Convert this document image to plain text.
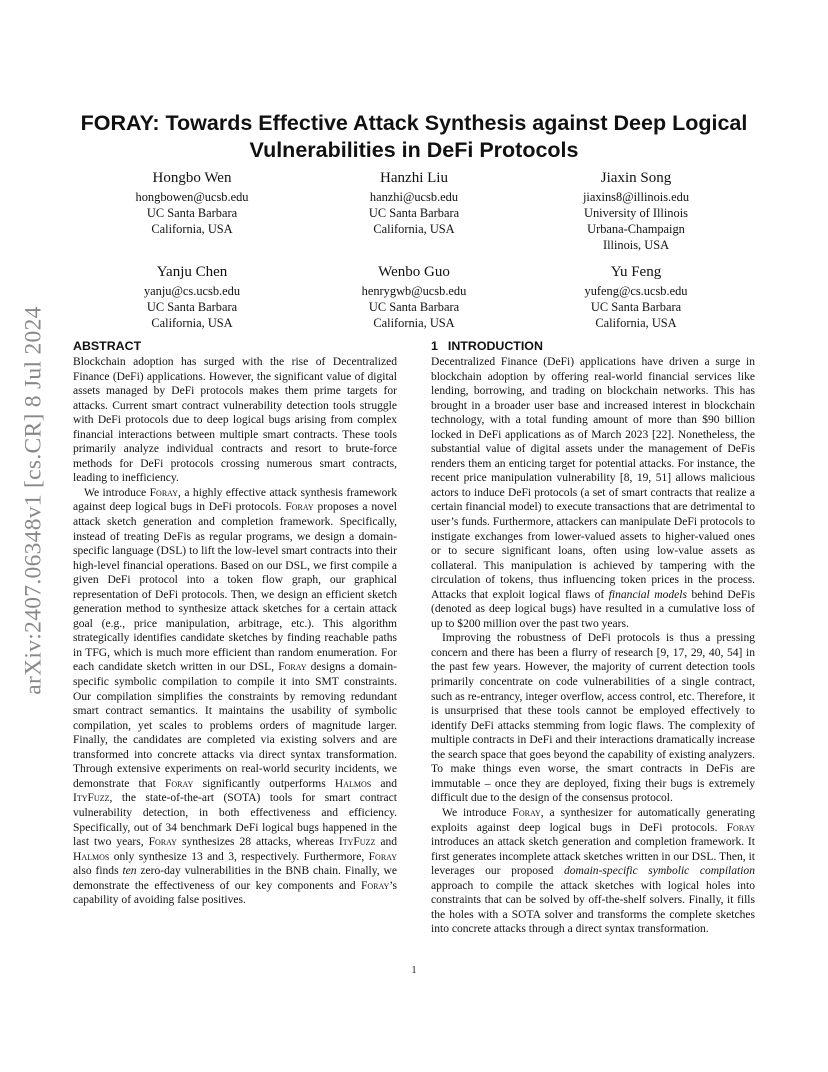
arXiv:2407.06348v1 [cs.CR] 8 Jul 2024
FORAY: Towards Effective Attack Synthesis against Deep Logical Vulnerabilities in DeFi Protocols
Hongbo Wen
hongbowen@ucsb.edu
UC Santa Barbara
California, USA
Hanzhi Liu
hanzhi@ucsb.edu
UC Santa Barbara
California, USA
Jiaxin Song
jiaxins8@illinois.edu
University of Illinois
Urbana-Champaign
Illinois, USA
Yanju Chen
yanju@cs.ucsb.edu
UC Santa Barbara
California, USA
Wenbo Guo
henrygwb@ucsb.edu
UC Santa Barbara
California, USA
Yu Feng
yufeng@cs.ucsb.edu
UC Santa Barbara
California, USA
ABSTRACT

Blockchain adoption has surged with the rise of Decentralized Finance (DeFi) applications. However, the significant value of digital assets managed by DeFi protocols makes them prime targets for attacks. Current smart contract vulnerability detection tools struggle with DeFi protocols due to deep logical bugs arising from complex financial interactions between multiple smart contracts. These tools primarily analyze individual contracts and resort to brute-force methods for DeFi protocols crossing numerous smart contracts, leading to inefficiency.

We introduce Foray, a highly effective attack synthesis framework against deep logical bugs in DeFi protocols. Foray proposes a novel attack sketch generation and completion framework. Specifically, instead of treating DeFis as regular programs, we design a domain-specific language (DSL) to lift the low-level smart contracts into their high-level financial operations. Based on our DSL, we first compile a given DeFi protocol into a token flow graph, our graphical representation of DeFi protocols. Then, we design an efficient sketch generation method to synthesize attack sketches for a certain attack goal (e.g., price manipulation, arbitrage, etc.). This algorithm strategically identifies candidate sketches by finding reachable paths in TFG, which is much more efficient than random enumeration. For each candidate sketch written in our DSL, Foray designs a domain-specific symbolic compilation to compile it into SMT constraints. Our compilation simplifies the constraints by removing redundant smart contract semantics. It maintains the usability of symbolic compilation, yet scales to problems orders of magnitude larger. Finally, the candidates are completed via existing solvers and are transformed into concrete attacks via direct syntax transformation. Through extensive experiments on real-world security incidents, we demonstrate that Foray significantly outperforms Halmos and ItyFuzz, the state-of-the-art (SOTA) tools for smart contract vulnerability detection, in both effectiveness and efficiency. Specifically, out of 34 benchmark DeFi logical bugs happened in the last two years, Foray synthesizes 28 attacks, whereas ItyFuzz and Halmos only synthesize 13 and 3, respectively. Furthermore, Foray also finds ten zero-day vulnerabilities in the BNB chain. Finally, we demonstrate the effectiveness of our key components and Foray’s capability of avoiding false positives.

1 INTRODUCTION

Decentralized Finance (DeFi) applications have driven a surge in blockchain adoption by offering real-world financial services like lending, borrowing, and trading on blockchain networks. This has brought in a broader user base and increased interest in blockchain technology, with a total funding amount of more than $90 billion locked in DeFi applications as of March 2023 [22]. Nonetheless, the substantial value of digital assets under the management of DeFis renders them an enticing target for potential attacks. For instance, the recent price manipulation vulnerability [8, 19, 51] allows malicious actors to induce DeFi protocols (a set of smart contracts that realize a certain financial model) to execute transactions that are detrimental to user’s funds. Furthermore, attackers can manipulate DeFi protocols to instigate exchanges from lower-valued assets to higher-valued ones or to secure significant loans, often using low-value assets as collateral. This manipulation is achieved by tampering with the circulation of tokens, thus influencing token prices in the process. Attacks that exploit logical flaws of financial models behind DeFis (denoted as deep logical bugs) have resulted in a cumulative loss of up to $200 million over the past two years.

Improving the robustness of DeFi protocols is thus a pressing concern and there has been a flurry of research [9, 17, 29, 40, 54] in the past few years. However, the majority of current detection tools primarily concentrate on code vulnerabilities of a single contract, such as re-entrancy, integer overflow, access control, etc. Therefore, it is unsurprised that these tools cannot be employed effectively to identify DeFi attacks stemming from logic flaws. The complexity of multiple contracts in DeFi and their interactions dramatically increase the search space that goes beyond the capability of existing analyzers. To make things even worse, the smart contracts in DeFis are immutable – once they are deployed, fixing their bugs is extremely difficult due to the design of the consensus protocol.

We introduce Foray, a synthesizer for automatically generating exploits against deep logical bugs in DeFi protocols. Foray introduces an attack sketch generation and completion framework. It first generates incomplete attack sketches written in our DSL. Then, it leverages our proposed domain-specific symbolic compilation approach to compile the attack sketches with logical holes into constraints that can be solved by off-the-shelf solvers. Finally, it fills the holes with a SOTA solver and transforms the complete sketches into concrete attacks through a direct syntax transformation.

1
